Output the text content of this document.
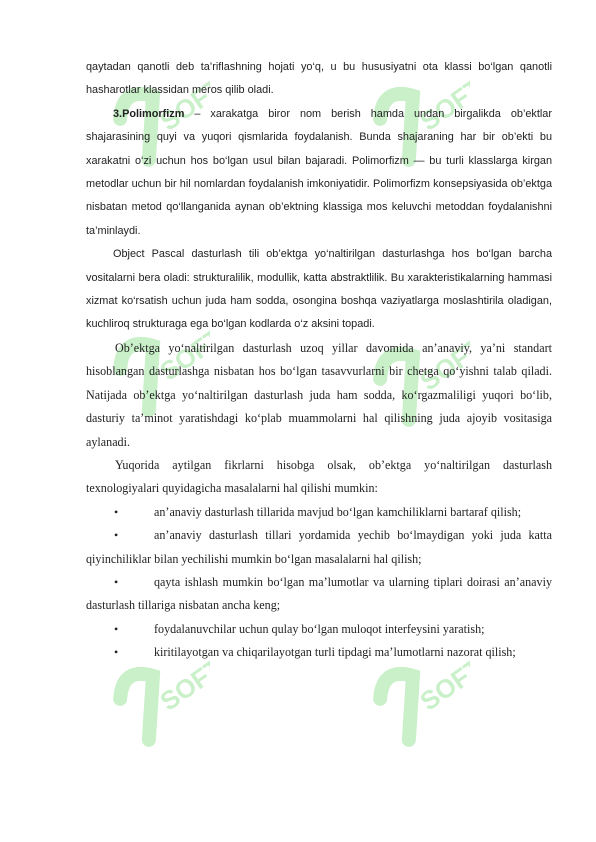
SOFT	SOFT
SOFT	SOFT
SOFT	SOFT

qaytadan qanotli deb ta’riflashning hojati yo‘q, u bu hususiyatni ota klassi bo‘lgan qanotli hasharotlar klassidan meros qilib oladi.

3.Polimorfizm – xarakatga biror nom berish hamda undan birgalikda ob’ektlar shajarasining quyi va yuqori qismlarida foydalanish. Bunda shajaraning har bir ob’ekti bu xarakatni o‘zi uchun hos bo‘lgan usul bilan bajaradi. Polimorfizm — bu turli klasslarga kirgan metodlar uchun bir hil nomlardan foydalanish imkoniyatidir. Polimorfizm konsepsiyasida ob’ektga nisbatan metod qo‘llanganida aynan ob’ektning klassiga mos keluvchi metoddan foydalanishni ta’minlaydi.

Object Pascal dasturlash tili ob’ektga yo‘naltirilgan dasturlashga hos bo‘lgan barcha vositalarni bera oladi: strukturalilik, modullik, katta abstraktlilik. Bu xarakteristikalarning hammasi xizmat ko‘rsatish uchun juda ham sodda, osongina boshqa vaziyatlarga moslashtirila oladigan, kuchliroq strukturaga ega bo‘lgan kodlarda o‘z aksini topadi.

Ob’ektga yo‘naltirilgan dasturlash uzoq yillar davomida an’anaviy, ya’ni standart hisoblangan dasturlashga nisbatan hos bo‘lgan tasavvurlarni bir chetga qo‘yishni talab qiladi. Natijada ob’ektga yo‘naltirilgan dasturlash juda ham sodda, ko‘rgazmaliligi yuqori bo‘lib, dasturiy ta’minot yaratishdagi ko‘plab muammolarni hal qilishning juda ajoyib vositasiga aylanadi.

Yuqorida aytilgan fikrlarni hisobga olsak, ob’ektga yo‘naltirilgan dasturlash texnologiyalari quyidagicha masalalarni hal qilishi mumkin:

•	an’anaviy dasturlash tillarida mavjud bo‘lgan kamchiliklarni bartaraf qilish;

•	an’anaviy dasturlash tillari yordamida yechib bo‘lmaydigan yoki juda katta qiyinchiliklar bilan yechilishi mumkin bo‘lgan masalalarni hal qilish;

•	qayta ishlash mumkin bo‘lgan ma’lumotlar va ularning tiplari doirasi an’anaviy dasturlash tillariga nisbatan ancha keng;

•	foydalanuvchilar uchun qulay bo‘lgan muloqot interfeysini yaratish;

•	kiritilayotgan va chiqarilayotgan turli tipdagi ma’lumotlarni nazorat qilish;
